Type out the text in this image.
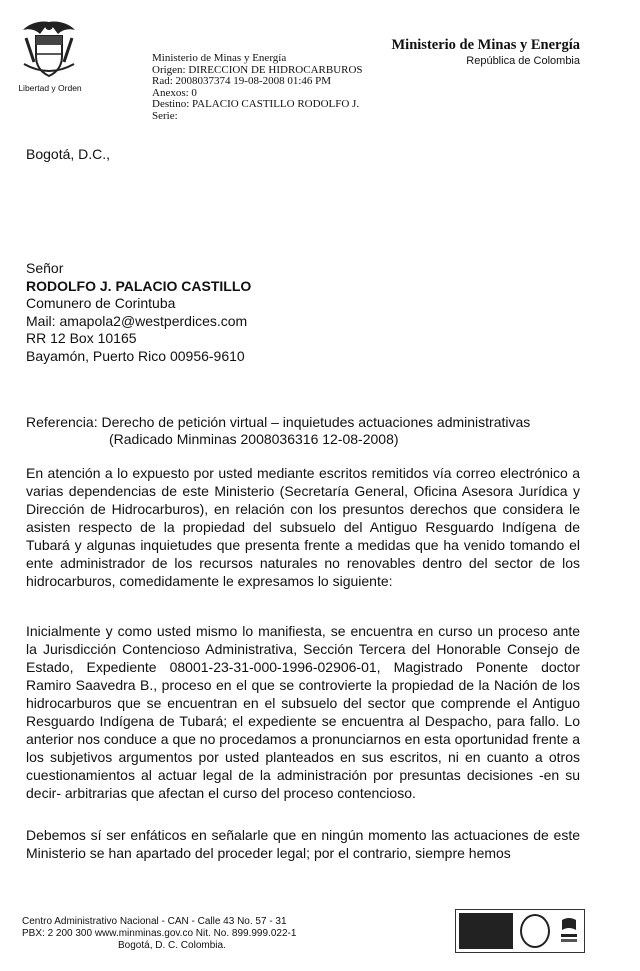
Libertad y Orden
Ministerio de Minas y Energía
Origen: DIRECCION DE HIDROCARBUROS
Rad: 2008037374 19-08-2008 01:46 PM
Anexos: 0
Destino: PALACIO CASTILLO RODOLFO J.
Serie:
Ministerio de Minas y Energía
República de Colombia
Bogotá, D.C.,
Señor
RODOLFO J. PALACIO CASTILLO
Comunero de Corintuba
Mail: amapola2@westperdices.com
RR 12 Box 10165
Bayamón, Puerto Rico 00956-9610
Referencia: Derecho de petición virtual – inquietudes actuaciones administrativas
(Radicado Minminas 2008036316 12-08-2008)
En atención a lo expuesto por usted mediante escritos remitidos vía correo electrónico a varias dependencias de este Ministerio (Secretaría General, Oficina Asesora Jurídica y Dirección de Hidrocarburos), en relación con los presuntos derechos que considera le asisten respecto de la propiedad del subsuelo del Antiguo Resguardo Indígena de Tubará y algunas inquietudes que presenta frente a medidas que ha venido tomando el ente administrador de los recursos naturales no renovables dentro del sector de los hidrocarburos, comedidamente le expresamos lo siguiente:
Inicialmente y como usted mismo lo manifiesta, se encuentra en curso un proceso ante la Jurisdicción Contencioso Administrativa, Sección Tercera del Honorable Consejo de Estado, Expediente 08001-23-31-000-1996-02906-01, Magistrado Ponente doctor Ramiro Saavedra B., proceso en el que se controvierte la propiedad de la Nación de los hidrocarburos que se encuentran en el subsuelo del sector que comprende el Antiguo Resguardo Indígena de Tubará; el expediente se encuentra al Despacho, para fallo. Lo anterior nos conduce a que no procedamos a pronunciarnos en esta oportunidad frente a los subjetivos argumentos por usted planteados en sus escritos, ni en cuanto a otros cuestionamientos al actuar legal de la administración por presuntas decisiones -en su decir- arbitrarias que afectan el curso del proceso contencioso.
Debemos sí ser enfáticos en señalarle que en ningún momento las actuaciones de este Ministerio se han apartado del proceder legal; por el contrario, siempre hemos
Centro Administrativo Nacional - CAN - Calle 43 No. 57 - 31
PBX: 2 200 300 www.minminas.gov.co Nit. No. 899.999.022-1
Bogotá, D. C. Colombia.
